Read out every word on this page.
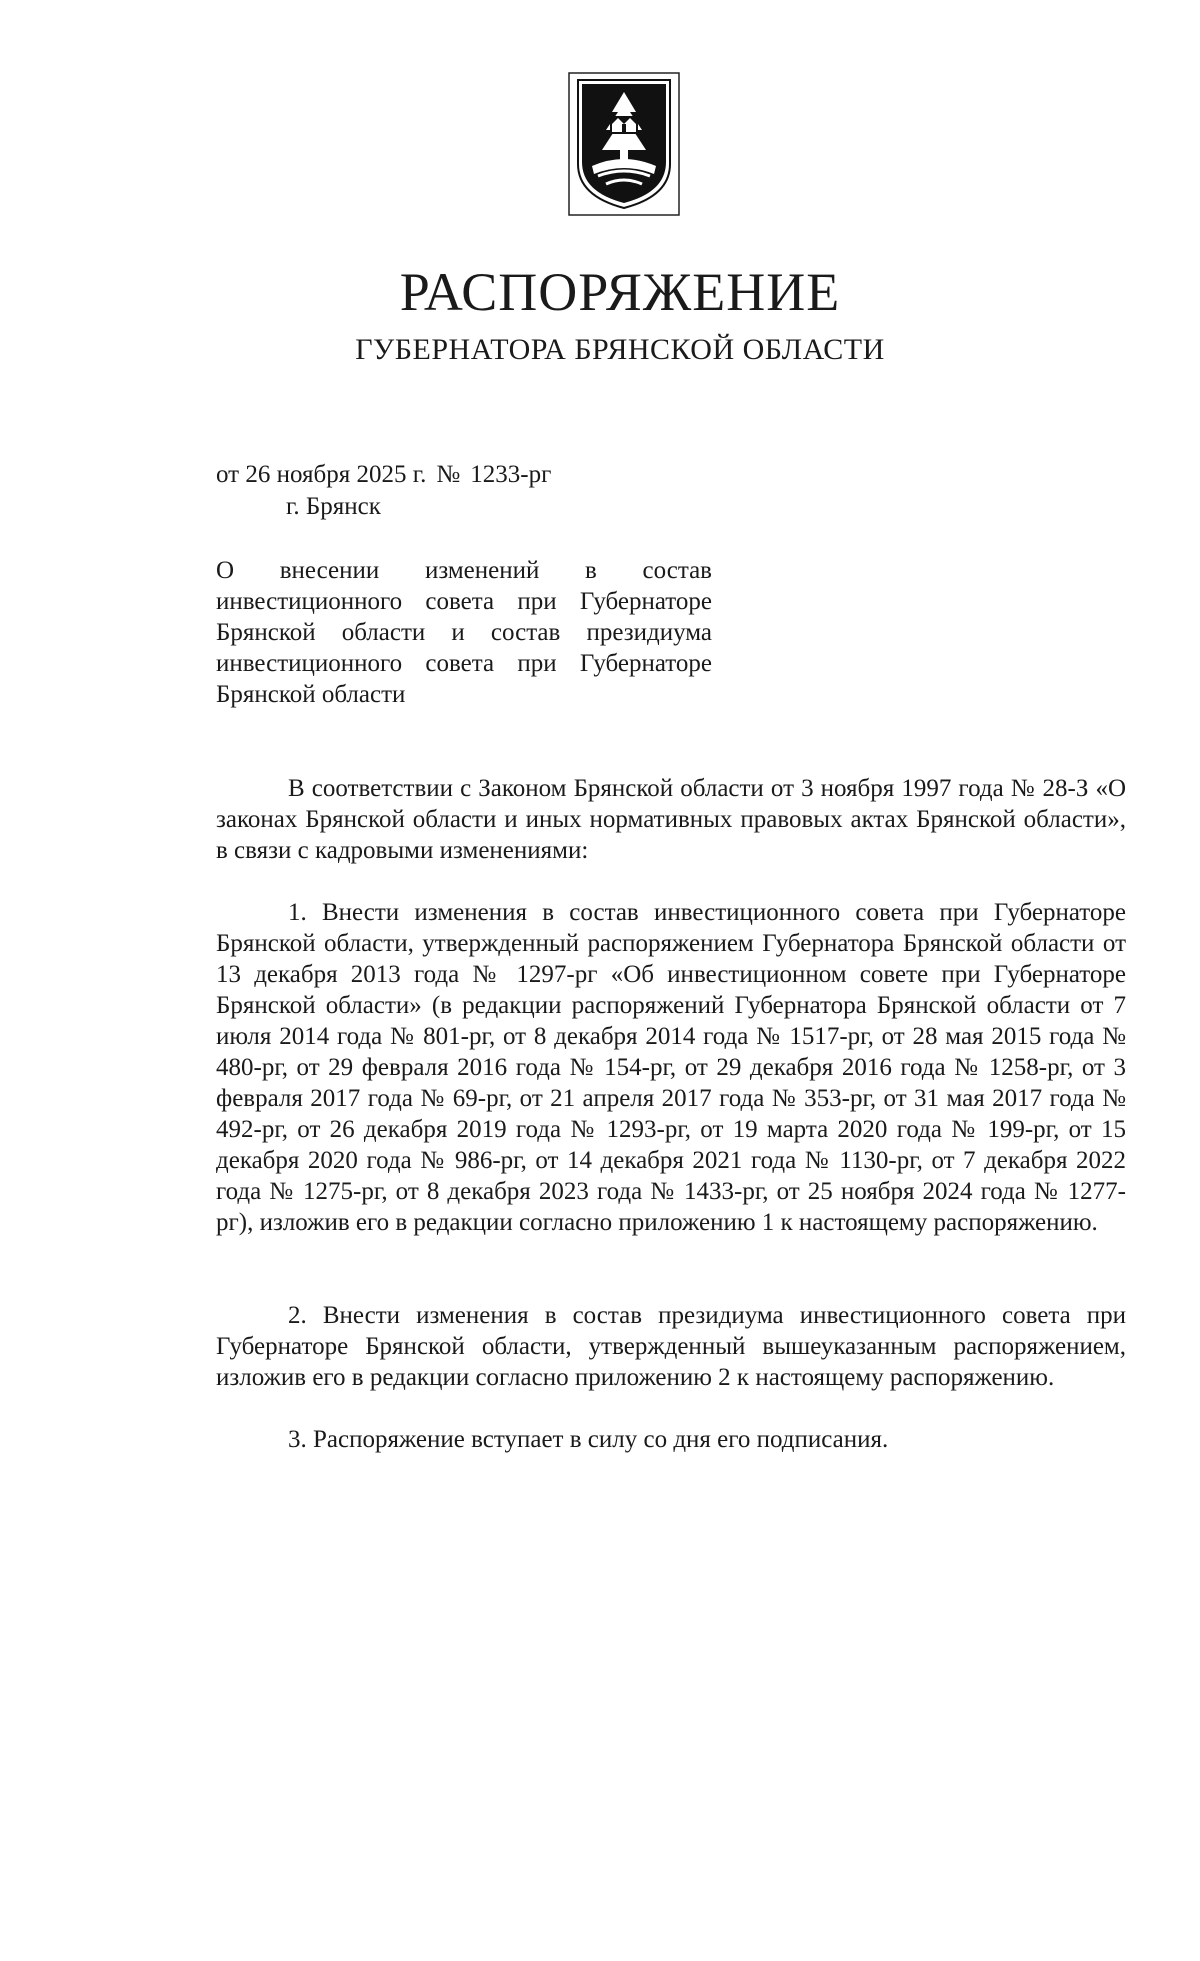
РАСПОРЯЖЕНИЕ
ГУБЕРНАТОРА БРЯНСКОЙ ОБЛАСТИ
от 26 ноября 2025 г. № 1233-рг
г. Брянск
О внесении изменений в состав инвестиционного совета при Губернаторе Брянской области и состав президиума инвестиционного совета при Губернаторе Брянской области

В соответствии с Законом Брянской области от 3 ноября 1997 года № 28-З «О законах Брянской области и иных нормативных правовых актах Брянской области», в связи с кадровыми изменениями:

1. Внести изменения в состав инвестиционного совета при Губернаторе Брянской области, утвержденный распоряжением Губернатора Брянской области от 13 декабря 2013 года № 1297-рг «Об инвестиционном совете при Губернаторе Брянской области» (в редакции распоряжений Губернатора Брянской области от 7 июля 2014 года № 801-рг, от 8 декабря 2014 года № 1517-рг, от 28 мая 2015 года № 480-рг, от 29 февраля 2016 года № 154-рг, от 29 декабря 2016 года № 1258-рг, от 3 февраля 2017 года № 69-рг, от 21 апреля 2017 года № 353-рг, от 31 мая 2017 года № 492-рг, от 26 декабря 2019 года № 1293-рг, от 19 марта 2020 года № 199-рг, от 15 декабря 2020 года № 986-рг, от 14 декабря 2021 года № 1130-рг, от 7 декабря 2022 года № 1275-рг, от 8 декабря 2023 года № 1433-рг, от 25 ноября 2024 года № 1277-рг), изложив его в редакции согласно приложению 1 к настоящему распоряжению.

2. Внести изменения в состав президиума инвестиционного совета при Губернаторе Брянской области, утвержденный вышеуказанным распоряжением, изложив его в редакции согласно приложению 2 к настоящему распоряжению.

3. Распоряжение вступает в силу со дня его подписания.
